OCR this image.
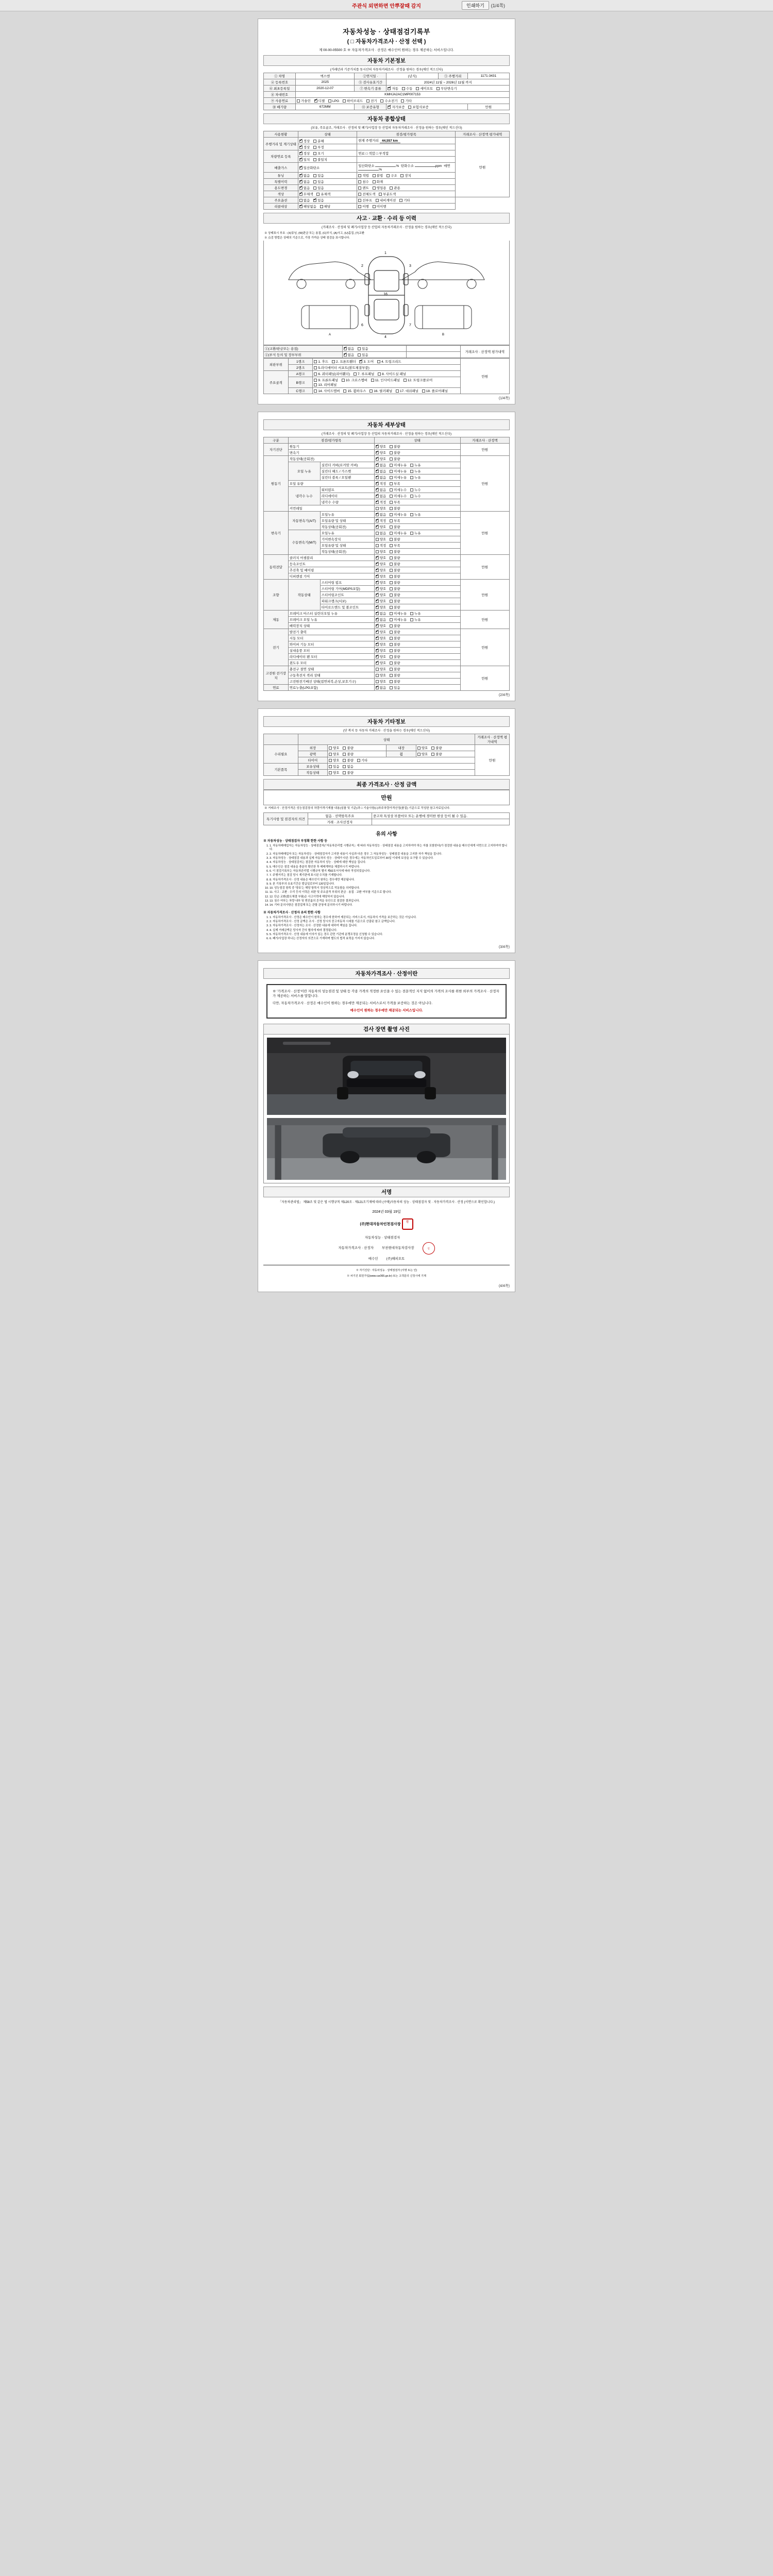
주관식 외면하면 안뿌잘때 감지	인쇄하기	(1/4쪽)
자동차성능 · 상태점검기록부
( □ 자동차가격조사 · 산정 선택 )
제 00-00-05500 호 ※ 자동차가격조사 · 산정은 매수인이 원하는 경우 제공하는 서비스입니다.
자동차 기본정보
(거래년과 기준가치를 동시산의 자동차거래조사 · 산정을 원하는 경우(매인 적으신다)
① 차명	엑스엔	②연식일 ·	(년식)	③ 주행거리	1171-3431
④ 등록번호	2025	⑤ 검사유효기간	2024년 11월 ~ 2026년 11월 까지		
⑥ 최초등록일	2020-12-07	⑦ 변속기 종류	✔자동 수동 세미오토 무단변속기
⑧ 차대번호	KMHJA2AC1MP007153				
⑨ 사용연료	가솔린 ✔ 디젤 LPG 하이브리드 전기 수소전기 기타
⑩ 배기량	672MM	⑪ 보증유형	✔자가보증 보험사보증		만원
자동차 종합상태
(보유, 주요골조, 거래조사 · 산정의 및 폐기/사업장 등 산업의 자동차거래조사 · 산정을 원하는 경우(매인 적으신다)
사용현황	상태	점검/평가항목	거래조사 · 산정액 평가내역
주행거리 및 계기상태	✔정상 분해	현재 주행거리 44,557 km	만원
✔정상 부정	
차량연료 등록	✔정상 오기	연료 □ 적합 □ 부적합	
✔일치 불일치	
배출가스	✔일산화탄소	일산화탄소 % 탄화수소 ppm 매연 %	
튜닝	✔없음 있음	적법 불법 구조 장치	
특별이력	✔없음 있음	침수 화재	
용도변경	✔없음 있음	렌트 영업용 관용	
색상	✔무채색 유채색	전체도색 부분도색	
주요옵션	없음 ✔ 있음	선루프 내비게이션 기타	
리콜대상	✔해당없음 해당	이행 미이행	
사고 · 교환 · 수리 등 이력
(거래조사 · 산정의 및 폐기/사업장 등 산업의 자동차거래조사 · 산정을 원하는 경우(매인 적으신다)
※ 상태표시 부호 : (X)튜닝, (W)판금 또는 용접, (C)부식, (A)사고, (U)흠집, (T)교환
※ 点검 방법은 상태의 기준으로, 가장 가까운 상태 점검을 표시합니다.
1
16
4
2	3
6	7
A	B
①(교환/판금또는 용접)	✔없음 있음		거래조사 · 산정액 평가내역
②(부식 등의 및 장부부위	✔없음 있음	
외판부위	1랭크	1. 후드 2. 프론트휀더 ✔ 3. 도어 4. 트렁크리드	만원
	2랭크	5.라디에이터 서포트(볼트체결부품)	
주요골격	A랭크	6. 쿼터패널(리어휀더) 7. 루프패널 8. 사이드실 패널	
	B랭크	9. 프론트패널 10. 크로스멤버 11. 인사이드패널 12. 트렁크플로어 13. 리어패널	
	C랭크	14. 사이드멤버 15. 휠하우스 16. 필러패널 17. 대쉬패널 18. 플로어패널	
(1/4쪽)
자동차 세부상태
(거래조사 · 산정의 및 폐기/사업장 등 산업의 자동차거래조사 · 산정을 원하는 경우(매인 적으신다)
구분	점검/평가항목		상태	거래조사 · 산정액
자기진단	원동기	✔양호 불량	만원
	변속기	✔양호 불량
원동기	작동상태(공회전)	✔양호 불량	만원
	오일 누유	실린더 커버(로커암 커버)	✔없음 미세누유 누유
		실린더 헤드 / 가스켓	✔없음 미세누유 누유
		실린더 블록 / 오일팬	✔없음 미세누유 누유
	오일 유량	✔적정 부족
	냉각수 누수	워터펌프	✔없음 미세누수 누수
		라디에이터	✔없음 미세누수 누수
		냉각수 수량	✔적정 부족
	커먼레일		양호 불량	
변속기	자동변속기(A/T)	오일누유	✔없음 미세누유 누유	만원
		오일유량 및 상태	✔적정 부족
		작동상태(공회전)	✔양호 불량
	수동변속기(M/T)	오일누유	없음 미세누유 누유	
		기어변속장치	양호 불량	
		오일유량 및 상태	적정 부족	
		작동상태(공회전)	양호 불량	
동력전달	클러치 어셈블리	✔양호 불량	만원
	등속조인트	✔양호 불량
	추진축 및 베어링	✔양호 불량
	디퍼렌셜 기어	✔양호 불량
조향	작동상태	스티어링 펌프	✔양호 불량	만원
		스티어링 기어(MDPS포함)	✔양호 불량
		스티어링조인트	✔양호 불량
		파워크랭크(서보)	✔양호 불량
		타이로드엔드 및 볼조인트	✔양호 불량
제동	브레이크 마스터 실린더오일 누유	✔없음 미세누유 누유	만원
	브레이크 오일 누유	✔없음 미세누유 누유
	배력장치 상태	✔양호 불량
전기	발전기 출력	✔양호 불량	만원
	시동 모터	✔양호 불량
	와이퍼 기능 모터	✔양호 불량
	실내송풍 모터	✔양호 불량
	라디에이터 팬 모터	✔양호 불량
	윈도우 모터	✔양호 불량
고전원 전기장치	충전구 절연 상태		양호 불량	만원
	구동축전지 격리 상태		양호 불량	
	고전원전기배선 상태(접연피복,손상,보호기구)		양호 불량	
연료	연료누출(LPG포함)	✔없음 있음
(2/4쪽)
자동차 기타정보
(단 복지 등 자동차 거래조사 · 산정을 원하는 경우(매인 적으신다)
	상태				거래조사 · 산정액 평가내역
수리필요	외장	양호 불량	내장	양호 불량	만원
	광택	양호 불량	휠	양호 불량	
	타이어	양호 불량 기타			
기본품목	보유상태	있음 없음			
	작동상태	양호 불량			
최종 가격조사 · 산정 금액
만원
※ 거래조사 · 산정가격은 성능점검장의 차량가격기재를 내용(심플 및 기준)과 □ 기술사항(□)차주차량가격산정(품질) 기준으로 작성한 참고자료입니다.
특기사항 및 점검자의 의견	없음 · 선택항목주요	중고차 특성상 부품마모 또는 운행에 경미한 현상 등이 될 수 있음.
	거래 · 조사선정자	
유의 사항
※ 자동차성능 · 상태점검자 부정확 한한 사항 등
1. 1. 자동차매매업자는 자동차성능 · 상태점검자(『자동차관리법 시행규칙』에 따라 자동차성능 · 상태점검 내용을 고지하여야 하는 자를 포함한다)가 점검한 내용을 매수인에게 서면으로 고지하여야 합니다.
2. 2. 자동차매매업자 또는 자동차성능 · 상태점검자가 고지한 내용이 사실과 다른 경우 그 자동차성능 · 상태점검 내용을 고지한 자가 책임을 집니다.
3. 3. 자동차성능 · 상태점검 내용과 실제 자동차의 성능 · 상태가 다른 경우에는 자동차인도일로부터 30일 이내에 보상을 요구할 수 있습니다.
4. 4. 자동차성능 · 상태점검자는 점검한 자동차의 성능 · 상태에 대한 책임을 집니다.
5. 5. 매수인은 점검 내용을 충분히 확인한 후 매매계약을 체결하시기 바랍니다.
6. 6. 이 점검기록부는 자동차관리법 시행규칙 별지 제82호서식에 따라 작성되었습니다.
7. 7. 주행거리는 점검 당시 계기판에 표시된 수치를 기재합니다.
8. 8. 자동차가격조사 · 산정 내용은 매수인이 원하는 경우에만 제공됩니다.
9. 9. 본 기록부의 유효기간은 발급일로부터 120일입니다.
10. 10. 성능점검 항목 중 '양호'는 해당 항목이 정상적으로 작동함을 의미합니다.
11. 11. 사고 · 교환 · 수리 등의 이력은 외판 및 주요골격 부위의 판금 · 용접 · 교환 여부를 기준으로 합니다.
12. 12. 단순 교환(볼트체결 부품)은 사고이력에 해당하지 않습니다.
13. 13. 침수 여부는 차량 내부 및 엔진룸의 흔적을 육안으로 점검한 결과입니다.
14. 14. 기타 문의사항은 점검업체 또는 관할 관청에 문의하시기 바랍니다.
※ 자동차가격조사 · 산정자 유의 한한 사항
1. 1. 자동차가격조사 · 산정은 매수인이 원하는 경우에 한하여 제공되는 서비스로서, 자동차의 가격을 보증하는 것은 아닙니다.
2. 2. 자동차가격조사 · 산정 금액은 조사 · 산정 당시의 중고자동차 시세를 기준으로 산출된 참고 금액입니다.
3. 3. 자동차가격조사 · 산정자는 조사 · 산정한 내용에 대하여 책임을 집니다.
4. 4. 실제 거래금액은 당사자 간의 협의에 따라 결정됩니다.
5. 5. 자동차가격조사 · 산정 내용에 이의가 있는 경우 관련 기관에 분쟁조정을 신청할 수 있습니다.
6. 6. 폐기/사업장 하나는 산정자의 의견으로 기재하며 별도의 법적 효력을 가지지 않습니다.
(3/4쪽)
자동차가격조사 · 산정이란
※ '가격조사 · 산정'이란 자동차의 성능점검 및 상태 등 각종 가격의 적정한 요인을 수 있는 전문적인 지식 없이의 가격의 조사를 위한 외부의 가격조사 · 산정자가 제공하는 서비스를 말합니다.
다만, 자동차가격조사 · 산정은 매수인이 원하는 경우에만 제공되는 서비스로서 가격을 보증하는 것은 아닙니다.
매수인이 원하는 경우에만 제공되는 서비스입니다.
검사 장면 촬영 사진
서명
「자동차관리법」 제58조 및 같은 법 시행규칙 제120조 · 제121조기재에 따라 (구매)자동차의 성능 · 상태점검자 및 · 자동차가격조사 · 산정 (서면으로 확인합니다.)
2024년 03월 19일
(주)현대자동차인천검사장 인
자동차성능 · 상태점검자
자동차가격조사 · 산정자 부천현대자동차검사장	인
매수인 (주)해피오토
※ 자기진단 : 자동차성능 · 상태점검자 (서명 또는 인)
※ 차기진 회원가입(www.car365.go.kr) 또는 고객문의 신청시에 기재
(4/4쪽)
